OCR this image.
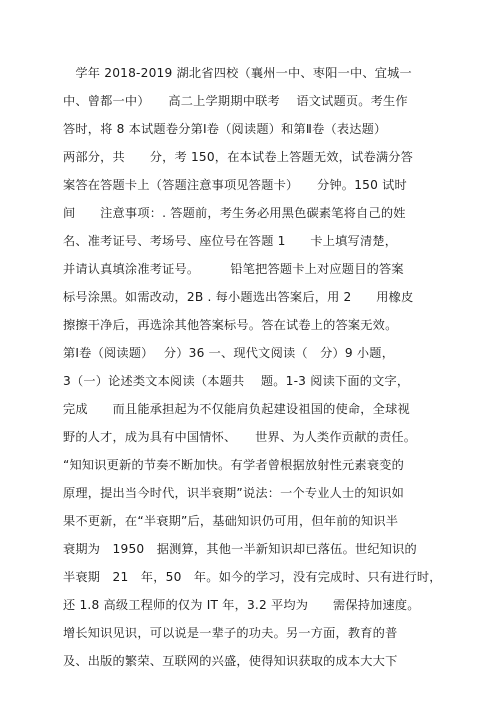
　学年 2018-2019 湖北省四校（襄州一中、枣阳一中、宜城一
中、曾都一中）　　高二上学期期中联考　 语文试题页。考生作
答时，将 8 本试题卷分第Ⅰ卷（阅读题）和第Ⅱ卷（表达题）
两部分，共　　分，考 150，在本试卷上答题无效，试卷满分答
案答在答题卡上（答题注意事项见答题卡）　　分钟。150 试时
间　　注意事项：. 答题前，考生务必用黑色碳素笔将自己的姓
名、准考证号、考场号、座位号在答题 1　　卡上填写清楚，
并请认真填涂准考证号。　　　铅笔把答题卡上对应题目的答案
标号涂黑。如需改动，2B . 每小题选出答案后，用 2　　用橡皮
擦擦干净后，再选涂其他答案标号。答在试卷上的答案无效。
第Ⅰ卷（阅读题）　 分）36 一、现代文阅读（　分）9 小题，
3（一）论述类文本阅读（本题共　 题。1-3 阅读下面的文字，
完成　　而且能承担起为不仅能肩负起建设祖国的使命，全球视
野的人才，成为具有中国情怀、　　世界、为人类作贡献的责任。
“知知识更新的节奏不断加快。有学者曾根据放射性元素衰变的
原理，提出当今时代，识半衰期”说法：一个专业人士的知识如
果不更新，在“半衰期”后，基础知识仍可用，但年前的知识半
衰期为　1950　据测算，其他一半新知识却已落伍。世纪知识的
半衰期　21　年，50　年。如今的学习，没有完成时、只有进行时，
还 1.8 高级工程师的仅为 IT 年，3.2 平均为　　需保持加速度。
增长知识见识，可以说是一辈子的功夫。另一方面，教育的普
及、出版的繁荣、互联网的兴盛，使得知识获取的成本大大下
